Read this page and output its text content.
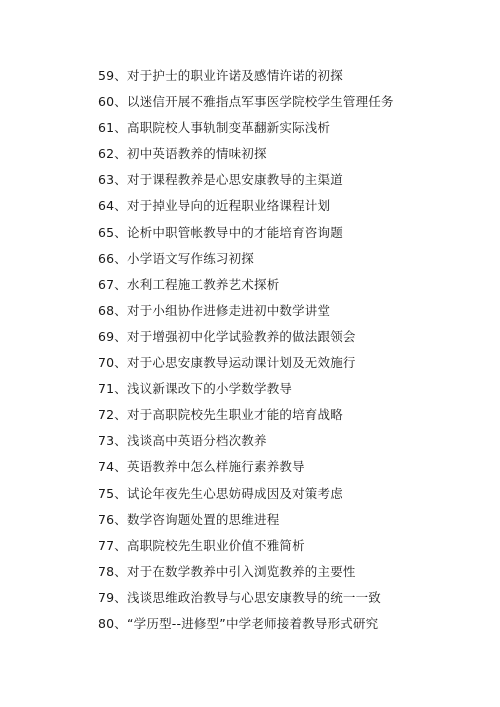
59、对于护士的职业许诺及感情许诺的初探
60、以迷信开展不雅指点军事医学院校学生管理任务
61、高职院校人事轨制变革翻新实际浅析
62、初中英语教养的情味初探
63、对于课程教养是心思安康教导的主渠道
64、对于掉业导向的近程职业络课程计划
65、论析中职管帐教导中的才能培育咨询题
66、小学语文写作练习初探
67、水利工程施工教养艺术探析
68、对于小组协作进修走进初中数学讲堂
69、对于增强初中化学试验教养的做法跟领会
70、对于心思安康教导运动课计划及无效施行
71、浅议新课改下的小学数学教导
72、对于高职院校先生职业才能的培育战略
73、浅谈高中英语分档次教养
74、英语教养中怎么样施行素养教导
75、试论年夜先生心思妨碍成因及对策考虑
76、数学咨询题处置的思维进程
77、高职院校先生职业价值不雅简析
78、对于在数学教养中引入浏览教养的主要性
79、浅谈思维政治教导与心思安康教导的统一一致
80、“学历型--进修型”中学老师接着教导形式研究
